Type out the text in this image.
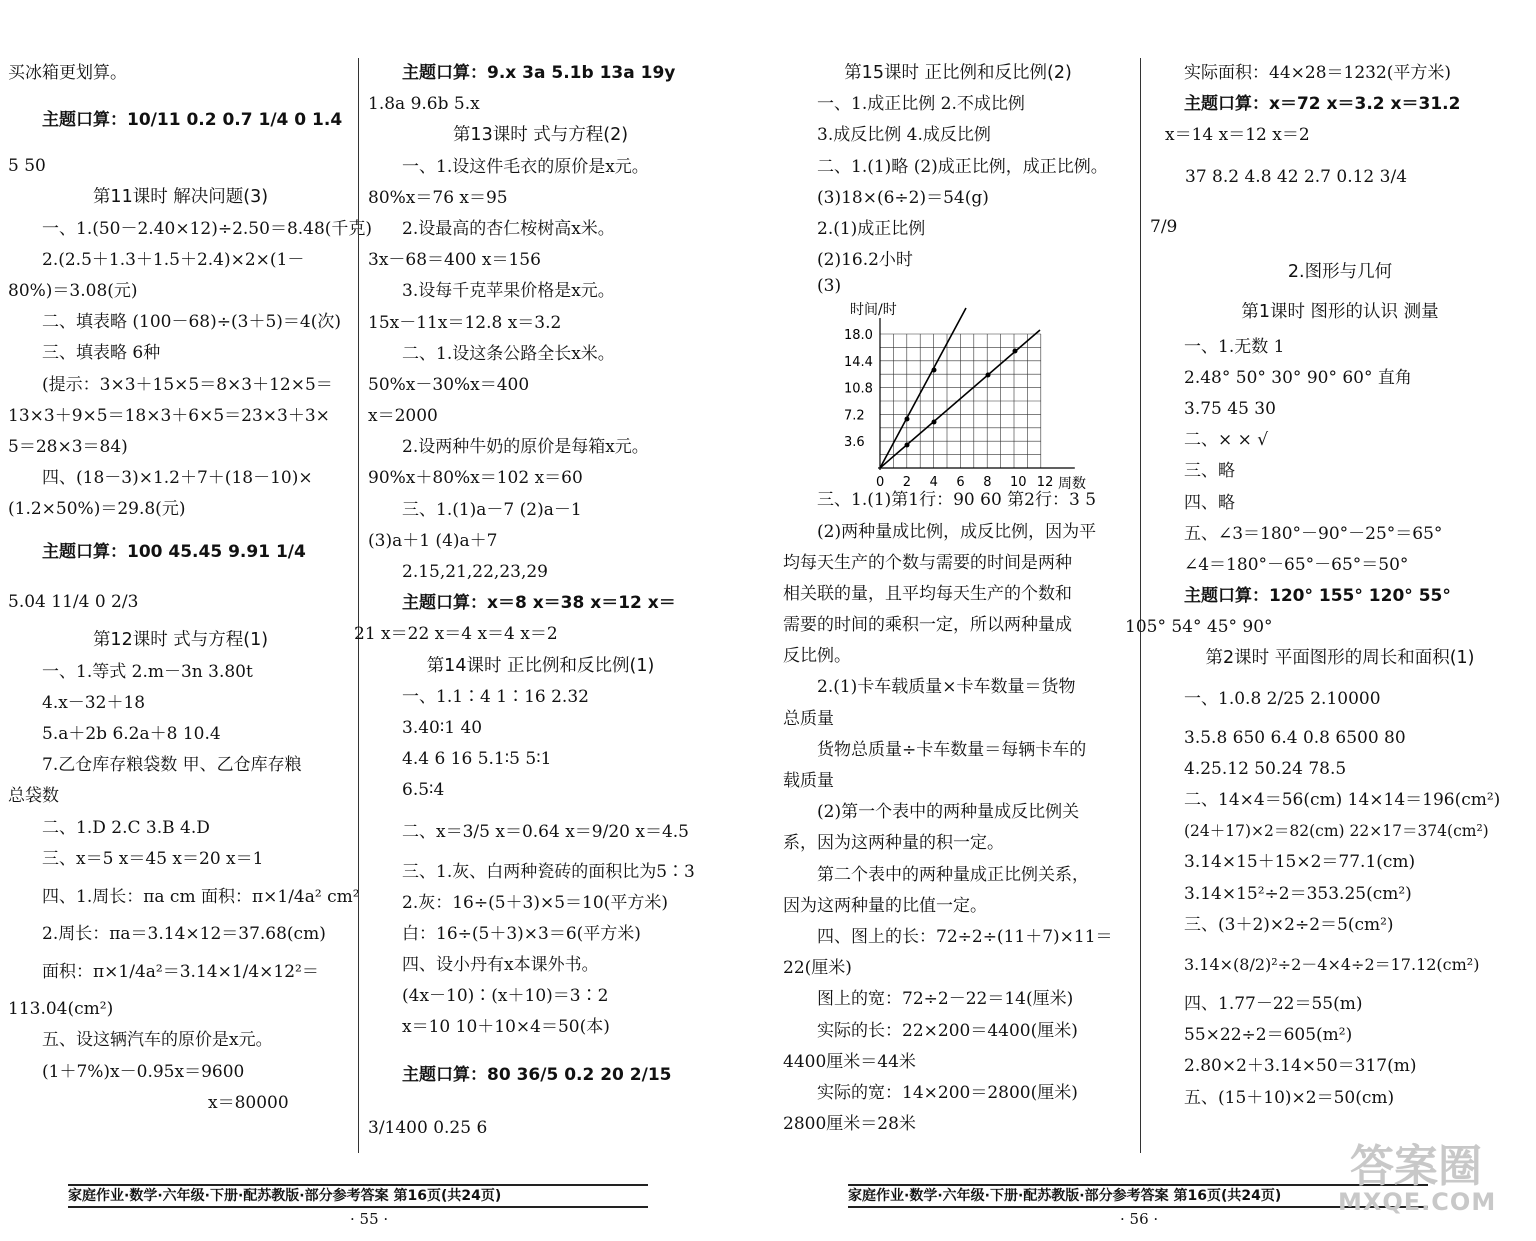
买冰箱更划算。
主题口算：10/11 0.2 0.7 1/4 0 1.4
5 50
第11课时 解决问题(3)
一、1.(50－2.40×12)÷2.50＝8.48(千克)
2.(2.5＋1.3＋1.5＋2.4)×2×(1－
80%)＝3.08(元)
二、填表略 (100－68)÷(3＋5)＝4(次)
三、填表略 6种
(提示：3×3＋15×5＝8×3＋12×5＝
13×3＋9×5＝18×3＋6×5＝23×3＋3×
5＝28×3＝84)
四、(18－3)×1.2＋7＋(18－10)×
(1.2×50%)＝29.8(元)
主题口算：100 45.45 9.91 1/4
5.04 11/4 0 2/3
第12课时 式与方程(1)
一、1.等式 2.m－3n 3.80t
4.x－32＋18
5.a＋2b 6.2a＋8 10.4
7.乙仓库存粮袋数 甲、乙仓库存粮
总袋数
二、1.D 2.C 3.B 4.D
三、x＝5 x＝45 x＝20 x＝1
四、1.周长：πa cm 面积：π×1/4a² cm²
2.周长：πa＝3.14×12＝37.68(cm)
面积：π×1/4a²＝3.14×1/4×12²＝
113.04(cm²)
五、设这辆汽车的原价是x元。
(1＋7%)x－0.95x＝9600
x＝80000
主题口算：9.x 3a 5.1b 13a 19y
1.8a 9.6b 5.x
第13课时 式与方程(2)
一、1.设这件毛衣的原价是x元。
80%x＝76 x＝95
2.设最高的杏仁桉树高x米。
3x－68＝400 x＝156
3.设每千克苹果价格是x元。
15x－11x＝12.8 x＝3.2
二、1.设这条公路全长x米。
50%x－30%x＝400
x＝2000
2.设两种牛奶的原价是每箱x元。
90%x＋80%x＝102 x＝60
三、1.(1)a－7 (2)a－1
(3)a＋1 (4)a＋7
2.15,21,22,23,29
主题口算：x＝8 x＝38 x＝12 x＝
21 x＝22 x＝4 x＝4 x＝2
第14课时 正比例和反比例(1)
一、1.1∶4 1∶16 2.32
3.40∶1 40
4.4 6 16 5.1∶5 5∶1
6.5∶4
二、x＝3/5 x＝0.64 x＝9/20 x＝4.5
三、1.灰、白两种瓷砖的面积比为5∶3
2.灰：16÷(5＋3)×5＝10(平方米)
白：16÷(5＋3)×3＝6(平方米)
四、设小丹有x本课外书。
(4x－10)∶(x＋10)＝3∶2
x＝10 10＋10×4＝50(本)
主题口算：80 36/5 0.2 20 2/15
3/1400 0.25 6
第15课时 正比例和反比例(2)
一、1.成正比例 2.不成比例
3.成反比例 4.成反比例
二、1.(1)略 (2)成正比例，成正比例。
(3)18×(6÷2)＝54(g)
2.(1)成正比例
(2)16.2小时
(3)
三、1.(1)第1行：90 60 第2行：3 5
(2)两种量成比例，成反比例，因为平
均每天生产的个数与需要的时间是两种
相关联的量，且平均每天生产的个数和
需要的时间的乘积一定，所以两种量成
反比例。
2.(1)卡车载质量×卡车数量＝货物
总质量
货物总质量÷卡车数量＝每辆卡车的
载质量
(2)第一个表中的两种量成反比例关
系，因为这两种量的积一定。
第二个表中的两种量成正比例关系，
因为这两种量的比值一定。
四、图上的长：72÷2÷(11＋7)×11＝
22(厘米)
图上的宽：72÷2－22＝14(厘米)
实际的长：22×200＝4400(厘米)
4400厘米＝44米
实际的宽：14×200＝2800(厘米)
2800厘米＝28米
时间/时
18.0
14.4
10.8
7.2
3.6
0 2 4 6 8 10 12 周数
实际面积：44×28＝1232(平方米)
主题口算：x＝72 x＝3.2 x＝31.2
x＝14 x＝12 x＝2
37 8.2 4.8 42 2.7 0.12 3/4
7/9
2.图形与几何
第1课时 图形的认识 测量
一、1.无数 1
2.48° 50° 30° 90° 60° 直角
3.75 45 30
二、× × √
三、略
四、略
五、∠3＝180°－90°－25°＝65°
∠4＝180°－65°－65°＝50°
主题口算：120° 155° 120° 55°
105° 54° 45° 90°
第2课时 平面图形的周长和面积(1)
一、1.0.8 2/25 2.10000
3.5.8 650 6.4 0.8 6500 80
4.25.12 50.24 78.5
二、14×4＝56(cm) 14×14＝196(cm²)
(24＋17)×2＝82(cm) 22×17＝374(cm²)
3.14×15＋15×2＝77.1(cm)
3.14×15²÷2＝353.25(cm²)
三、(3＋2)×2÷2＝5(cm²)
3.14×(8/2)²÷2－4×4÷2＝17.12(cm²)
四、1.77－22＝55(m)
55×22÷2＝605(m²)
2.80×2＋3.14×50＝317(m)
五、(15＋10)×2＝50(cm)
家庭作业·数学·六年级·下册·配苏教版·部分参考答案 第16页(共24页)	家庭作业·数学·六年级·下册·配苏教版·部分参考答案 第16页(共24页)
· 55 ·	· 56 ·
答案圈
MXQE.COM
